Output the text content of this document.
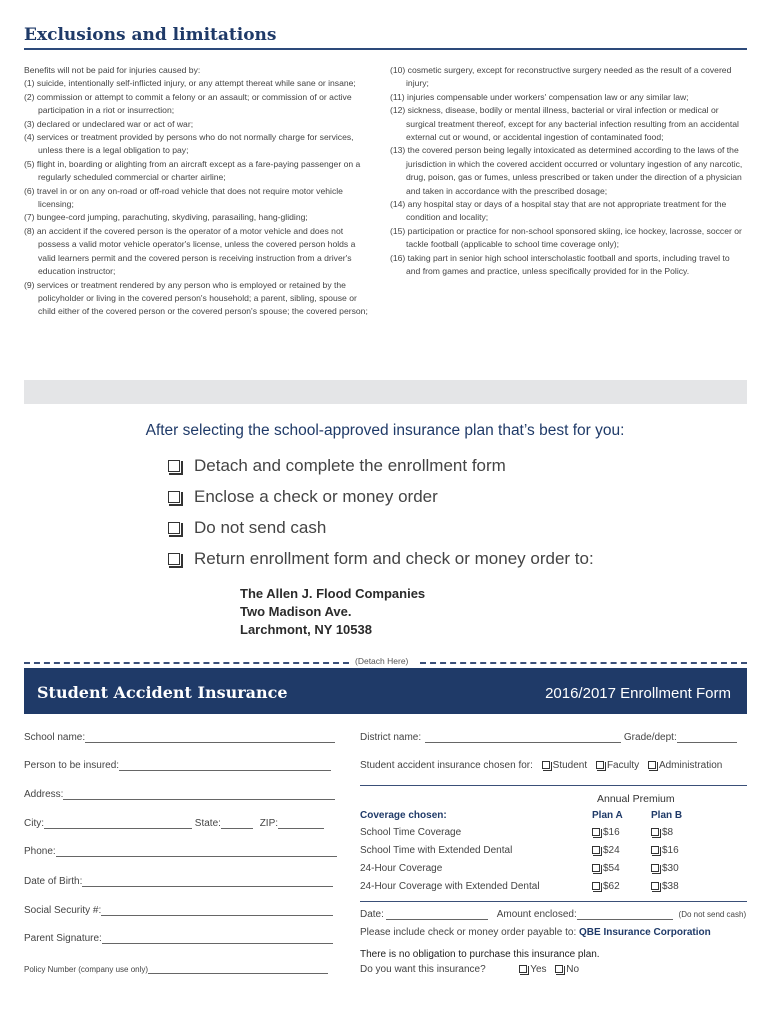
Exclusions and limitations

Benefits will not be paid for injuries caused by:

(1) suicide, intentionally self-inflicted injury, or any attempt thereat while sane or insane;

(2) commission or attempt to commit a felony or an assault; or commission of or active participation in a riot or insurrection;

(3) declared or undeclared war or act of war;

(4) services or treatment provided by persons who do not normally charge for services, unless there is a legal obligation to pay;

(5) flight in, boarding or alighting from an aircraft except as a fare-paying passenger on a regularly scheduled commercial or charter airline;

(6) travel in or on any on-road or off-road vehicle that does not require motor vehicle licensing;

(7) bungee-cord jumping, parachuting, skydiving, parasailing, hang-gliding;

(8) an accident if the covered person is the operator of a motor vehicle and does not possess a valid motor vehicle operator's license, unless the covered person holds a valid learners permit and the covered person is receiving instruction from a driver's education instructor;

(9) services or treatment rendered by any person who is employed or retained by the policyholder or living in the covered person's household; a parent, sibling, spouse or child either of the covered person or the covered person's spouse; the covered person;

(10) cosmetic surgery, except for reconstructive surgery needed as the result of a covered injury;

(11) injuries compensable under workers' compensation law or any similar law;

(12) sickness, disease, bodily or mental illness, bacterial or viral infection or medical or surgical treatment thereof, except for any bacterial infection resulting from an accidental external cut or wound, or accidental ingestion of contaminated food;

(13) the covered person being legally intoxicated as determined according to the laws of the jurisdiction in which the covered accident occurred or voluntary ingestion of any narcotic, drug, poison, gas or fumes, unless prescribed or taken under the direction of a physician and taken in accordance with the prescribed dosage;

(14) any hospital stay or days of a hospital stay that are not appropriate treatment for the condition and locality;

(15) participation or practice for non-school sponsored skiing, ice hockey, lacrosse, soccer or tackle football (applicable to school time coverage only);

(16) taking part in senior high school interscholastic football and sports, including travel to and from games and practice, unless specifically provided for in the Policy.

After selecting the school-approved insurance plan that’s best for you:
Detach and complete the enrollment form
Enclose a check or money order
Do not send cash
Return enrollment form and check or money order to:
The Allen J. Flood Companies
Two Madison Ave.
Larchmont, NY 10538
(Detach Here)
Student Accident Insurance	2016/2017 Enrollment Form
School name:
Person to be insured:
Address:
City:	State:	ZIP:
Phone:
Date of Birth:
Social Security #:
Parent Signature:
Policy Number (company use only)
District name:	Grade/dept:
Student accident insurance chosen for: Student Faculty Administration
Annual Premium
Coverage chosen:	Plan A	Plan B
School Time Coverage	$16	$8
School Time with Extended Dental	$24	$16
24-Hour Coverage	$54	$30
24-Hour Coverage with Extended Dental	$62	$38
Date:	Amount enclosed:	(Do not send cash)
Please include check or money order payable to: QBE Insurance Corporation
There is no obligation to purchase this insurance plan.
Do you want this insurance?	Yes No
